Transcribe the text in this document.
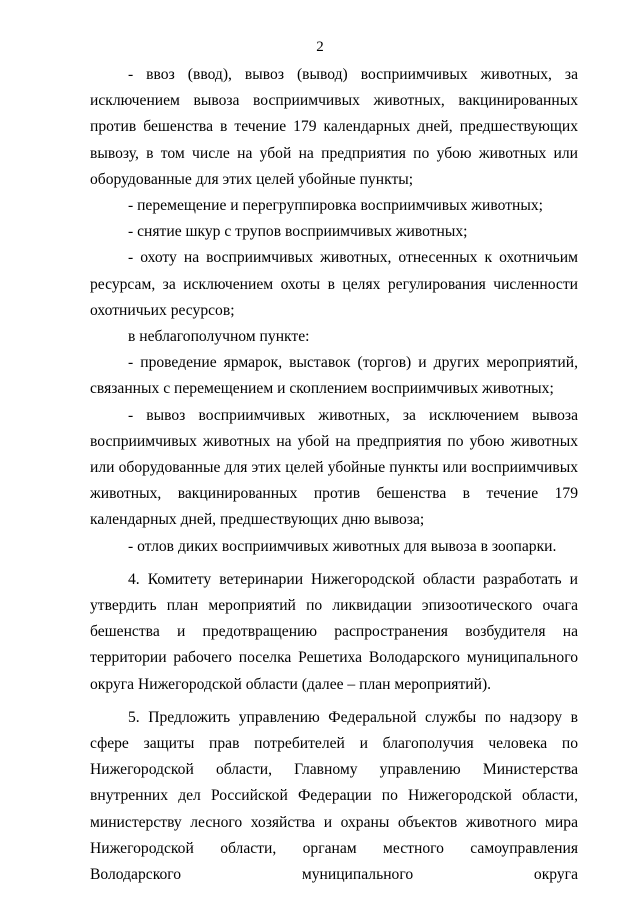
2

- ввоз (ввод), вывоз (вывод) восприимчивых животных, за исключением вывоза восприимчивых животных, вакцинированных против бешенства в течение 179 календарных дней, предшествующих вывозу, в том числе на убой на предприятия по убою животных или оборудованные для этих целей убойные пункты;

- перемещение и перегруппировка восприимчивых животных;

- снятие шкур с трупов восприимчивых животных;

- охоту на восприимчивых животных, отнесенных к охотничьим ресурсам, за исключением охоты в целях регулирования численности охотничьих ресурсов;

в неблагополучном пункте:

- проведение ярмарок, выставок (торгов) и других мероприятий, связанных с перемещением и скоплением восприимчивых животных;

- вывоз восприимчивых животных, за исключением вывоза восприимчивых животных на убой на предприятия по убою животных или оборудованные для этих целей убойные пункты или восприимчивых животных, вакцинированных против бешенства в течение 179 календарных дней, предшествующих дню вывоза;

- отлов диких восприимчивых животных для вывоза в зоопарки.

4. Комитету ветеринарии Нижегородской области разработать и утвердить план мероприятий по ликвидации эпизоотического очага бешенства и предотвращению распространения возбудителя на территории рабочего поселка Решетиха Володарского муниципального округа Нижегородской области (далее – план мероприятий).

5. Предложить управлению Федеральной службы по надзору в сфере защиты прав потребителей и благополучия человека по Нижегородской области, Главному управлению Министерства внутренних дел Российской Федерации по Нижегородской области, министерству лесного хозяйства и охраны объектов животного мира Нижегородской области, органам местного самоуправления Володарского муниципального округа
